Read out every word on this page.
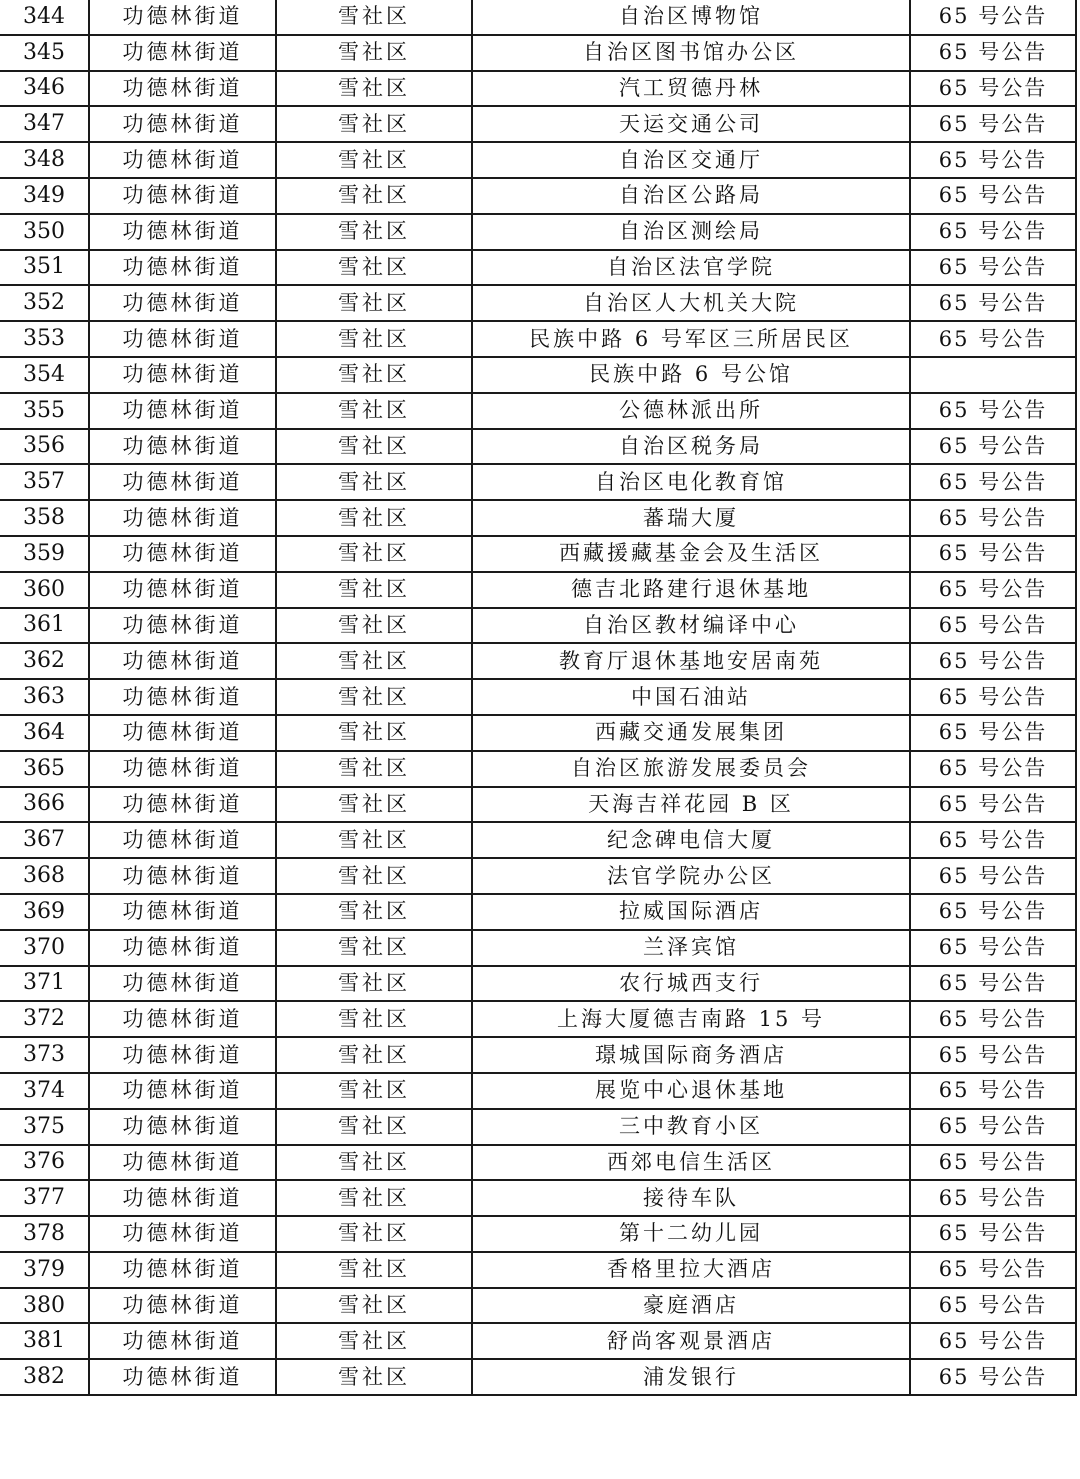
344	功德林街道	雪社区	自治区博物馆	65 号公告
345	功德林街道	雪社区	自治区图书馆办公区	65 号公告
346	功德林街道	雪社区	汽工贸德丹林	65 号公告
347	功德林街道	雪社区	天运交通公司	65 号公告
348	功德林街道	雪社区	自治区交通厅	65 号公告
349	功德林街道	雪社区	自治区公路局	65 号公告
350	功德林街道	雪社区	自治区测绘局	65 号公告
351	功德林街道	雪社区	自治区法官学院	65 号公告
352	功德林街道	雪社区	自治区人大机关大院	65 号公告
353	功德林街道	雪社区	民族中路 6 号军区三所居民区	65 号公告
354	功德林街道	雪社区	民族中路 6 号公馆	
355	功德林街道	雪社区	公德林派出所	65 号公告
356	功德林街道	雪社区	自治区税务局	65 号公告
357	功德林街道	雪社区	自治区电化教育馆	65 号公告
358	功德林街道	雪社区	蕃瑞大厦	65 号公告
359	功德林街道	雪社区	西藏援藏基金会及生活区	65 号公告
360	功德林街道	雪社区	德吉北路建行退休基地	65 号公告
361	功德林街道	雪社区	自治区教材编译中心	65 号公告
362	功德林街道	雪社区	教育厅退休基地安居南苑	65 号公告
363	功德林街道	雪社区	中国石油站	65 号公告
364	功德林街道	雪社区	西藏交通发展集团	65 号公告
365	功德林街道	雪社区	自治区旅游发展委员会	65 号公告
366	功德林街道	雪社区	天海吉祥花园 B 区	65 号公告
367	功德林街道	雪社区	纪念碑电信大厦	65 号公告
368	功德林街道	雪社区	法官学院办公区	65 号公告
369	功德林街道	雪社区	拉威国际酒店	65 号公告
370	功德林街道	雪社区	兰泽宾馆	65 号公告
371	功德林街道	雪社区	农行城西支行	65 号公告
372	功德林街道	雪社区	上海大厦德吉南路 15 号	65 号公告
373	功德林街道	雪社区	璟城国际商务酒店	65 号公告
374	功德林街道	雪社区	展览中心退休基地	65 号公告
375	功德林街道	雪社区	三中教育小区	65 号公告
376	功德林街道	雪社区	西郊电信生活区	65 号公告
377	功德林街道	雪社区	接待车队	65 号公告
378	功德林街道	雪社区	第十二幼儿园	65 号公告
379	功德林街道	雪社区	香格里拉大酒店	65 号公告
380	功德林街道	雪社区	豪庭酒店	65 号公告
381	功德林街道	雪社区	舒尚客观景酒店	65 号公告
382	功德林街道	雪社区	浦发银行	65 号公告
